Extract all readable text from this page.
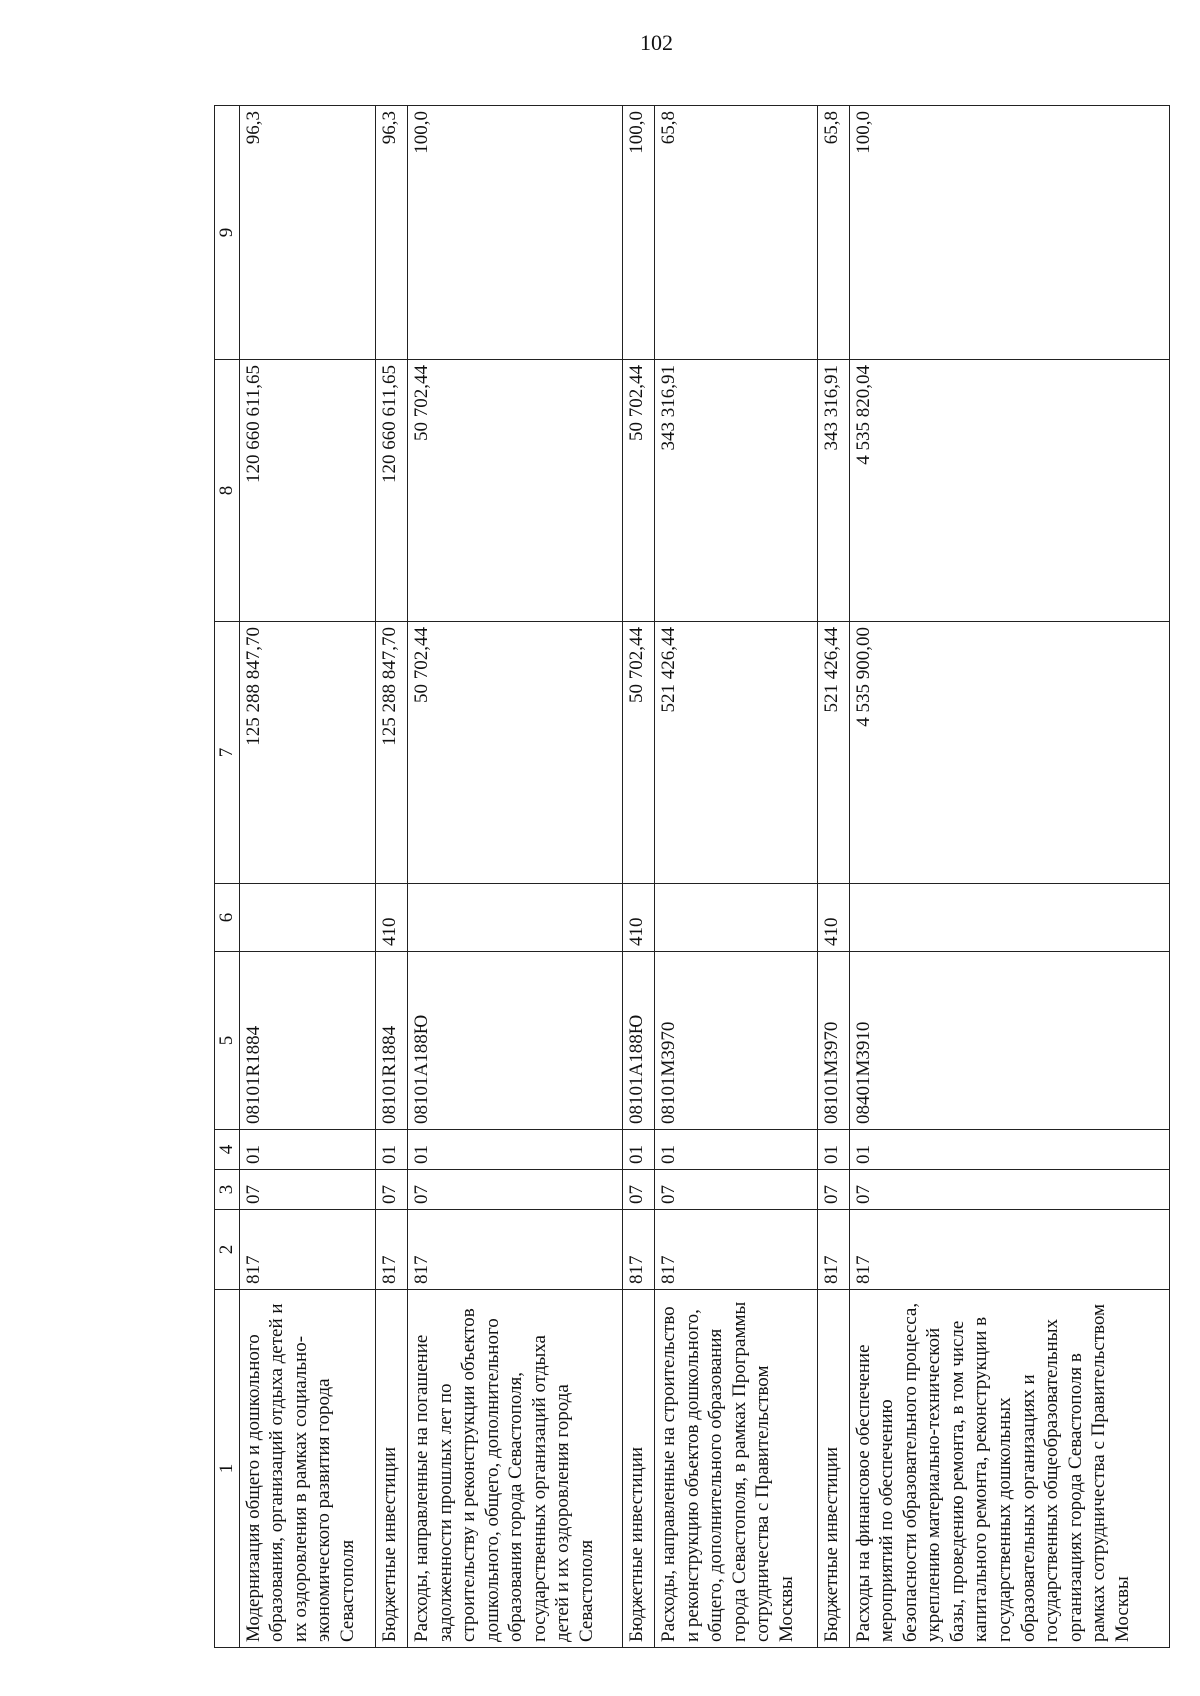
102
1	2	3	4	5	6	7	8	9
Модернизация общего и дошкольного образования, организаций отдыха детей и их оздоровления в рамках социально-экономического развития города Севастополя	817	07	01	08101R1884		125 288 847,70	120 660 611,65	96,3
Бюджетные инвестиции	817	07	01	08101R1884	410	125 288 847,70	120 660 611,65	96,3
Расходы, направленные на погашение задолженности прошлых лет по строительству и реконструкции объектов дошкольного, общего, дополнительного образования города Севастополя, государственных организаций отдыха детей и их оздоровления города Севастополя	817	07	01	08101А188Ю		50 702,44	50 702,44	100,0
Бюджетные инвестиции	817	07	01	08101А188Ю	410	50 702,44	50 702,44	100,0
Расходы, направленные на строительство и реконструкцию объектов дошкольного, общего, дополнительного образования города Севастополя, в рамках Программы сотрудничества с Правительством Москвы	817	07	01	08101М3970		521 426,44	343 316,91	65,8
Бюджетные инвестиции	817	07	01	08101М3970	410	521 426,44	343 316,91	65,8
Расходы на финансовое обеспечение мероприятий по обеспечению безопасности образовательного процесса, укреплению материально-технической базы, проведению ремонта, в том числе капитального ремонта, реконструкции в государственных дошкольных образовательных организациях и государственных общеобразовательных организациях города Севастополя в рамках сотрудничества с Правительством Москвы	817	07	01	08401М3910		4 535 900,00	4 535 820,04	100,0
